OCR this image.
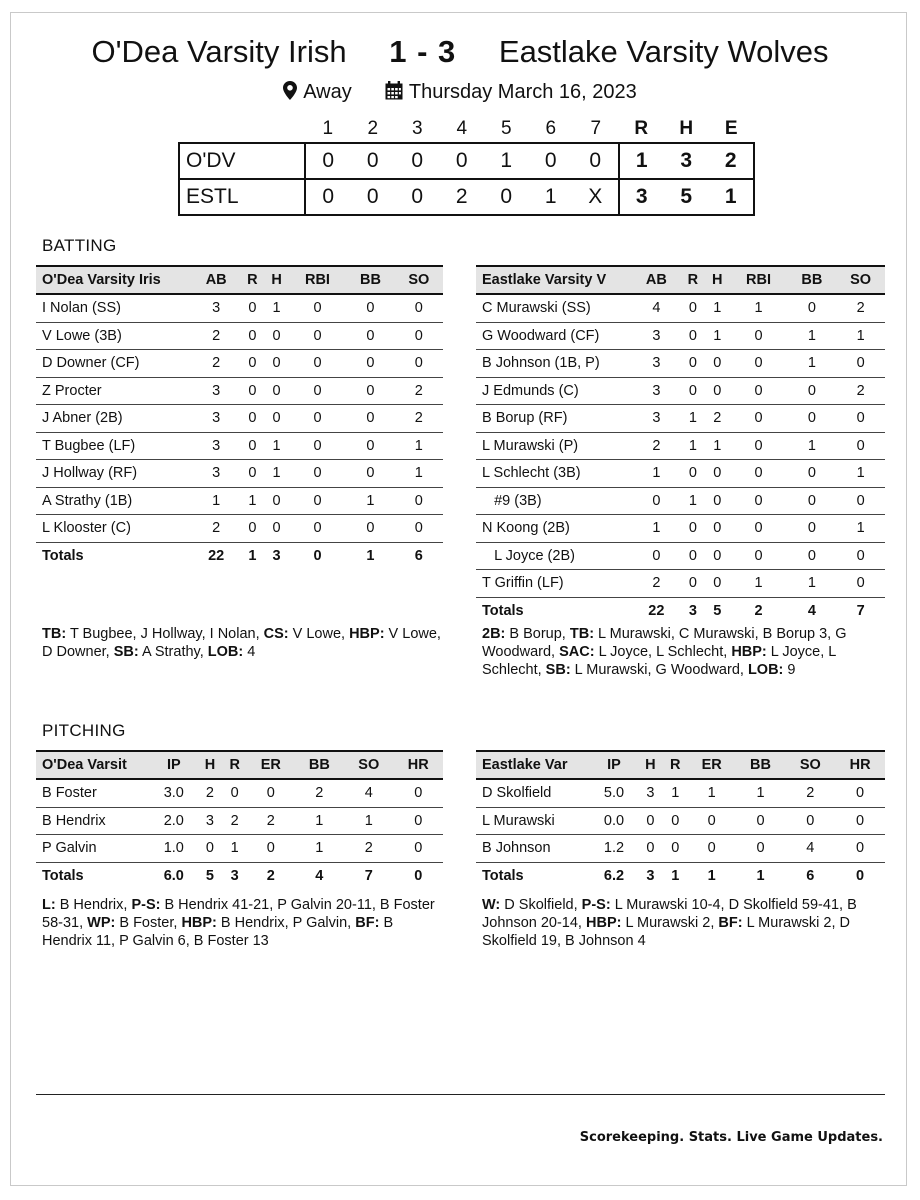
O'Dea Varsity Irish 1 - 3 Eastlake Varsity Wolves
Away	Thursday March 16, 2023
	1	2	3	4	5	6	7	R	H	E
O'DV	0	0	0	0	1	0	0	1	3	2
ESTL	0	0	0	2	0	1	X	3	5	1
BATTING
O'Dea Varsity Iris	AB	R	H	RBI	BB	SO
I Nolan (SS)	3	0	1	0	0	0
V Lowe (3B)	2	0	0	0	0	0
D Downer (CF)	2	0	0	0	0	0
Z Procter	3	0	0	0	0	2
J Abner (2B)	3	0	0	0	0	2
T Bugbee (LF)	3	0	1	0	0	1
J Hollway (RF)	3	0	1	0	0	1
A Strathy (1B)	1	1	0	0	1	0
L Klooster (C)	2	0	0	0	0	0
Totals	22	1	3	0	1	6
Eastlake Varsity V	AB	R	H	RBI	BB	SO
C Murawski (SS)	4	0	1	1	0	2
G Woodward (CF)	3	0	1	0	1	1
B Johnson (1B, P)	3	0	0	0	1	0
J Edmunds (C)	3	0	0	0	0	2
B Borup (RF)	3	1	2	0	0	0
L Murawski (P)	2	1	1	0	1	0
L Schlecht (3B)	1	0	0	0	0	1
#9 (3B)	0	1	0	0	0	0
N Koong (2B)	1	0	0	0	0	1
L Joyce (2B)	0	0	0	0	0	0
T Griffin (LF)	2	0	0	1	1	0
Totals	22	3	5	2	4	7
TB: T Bugbee, J Hollway, I Nolan, CS: V Lowe, HBP: V Lowe, D Downer, SB: A Strathy, LOB: 4
2B: B Borup, TB: L Murawski, C Murawski, B Borup 3, G Woodward, SAC: L Joyce, L Schlecht, HBP: L Joyce, L Schlecht, SB: L Murawski, G Woodward, LOB: 9
PITCHING
O'Dea Varsit	IP	H	R	ER	BB	SO	HR
B Foster	3.0	2	0	0	2	4	0
B Hendrix	2.0	3	2	2	1	1	0
P Galvin	1.0	0	1	0	1	2	0
Totals	6.0	5	3	2	4	7	0
Eastlake Var	IP	H	R	ER	BB	SO	HR
D Skolfield	5.0	3	1	1	1	2	0
L Murawski	0.0	0	0	0	0	0	0
B Johnson	1.2	0	0	0	0	4	0
Totals	6.2	3	1	1	1	6	0
L: B Hendrix, P-S: B Hendrix 41-21, P Galvin 20-11, B Foster 58-31, WP: B Foster, HBP: B Hendrix, P Galvin, BF: B Hendrix 11, P Galvin 6, B Foster 13
W: D Skolfield, P-S: L Murawski 10-4, D Skolfield 59-41, B Johnson 20-14, HBP: L Murawski 2, BF: L Murawski 2, D Skolfield 19, B Johnson 4
Scorekeeping. Stats. Live Game Updates.
